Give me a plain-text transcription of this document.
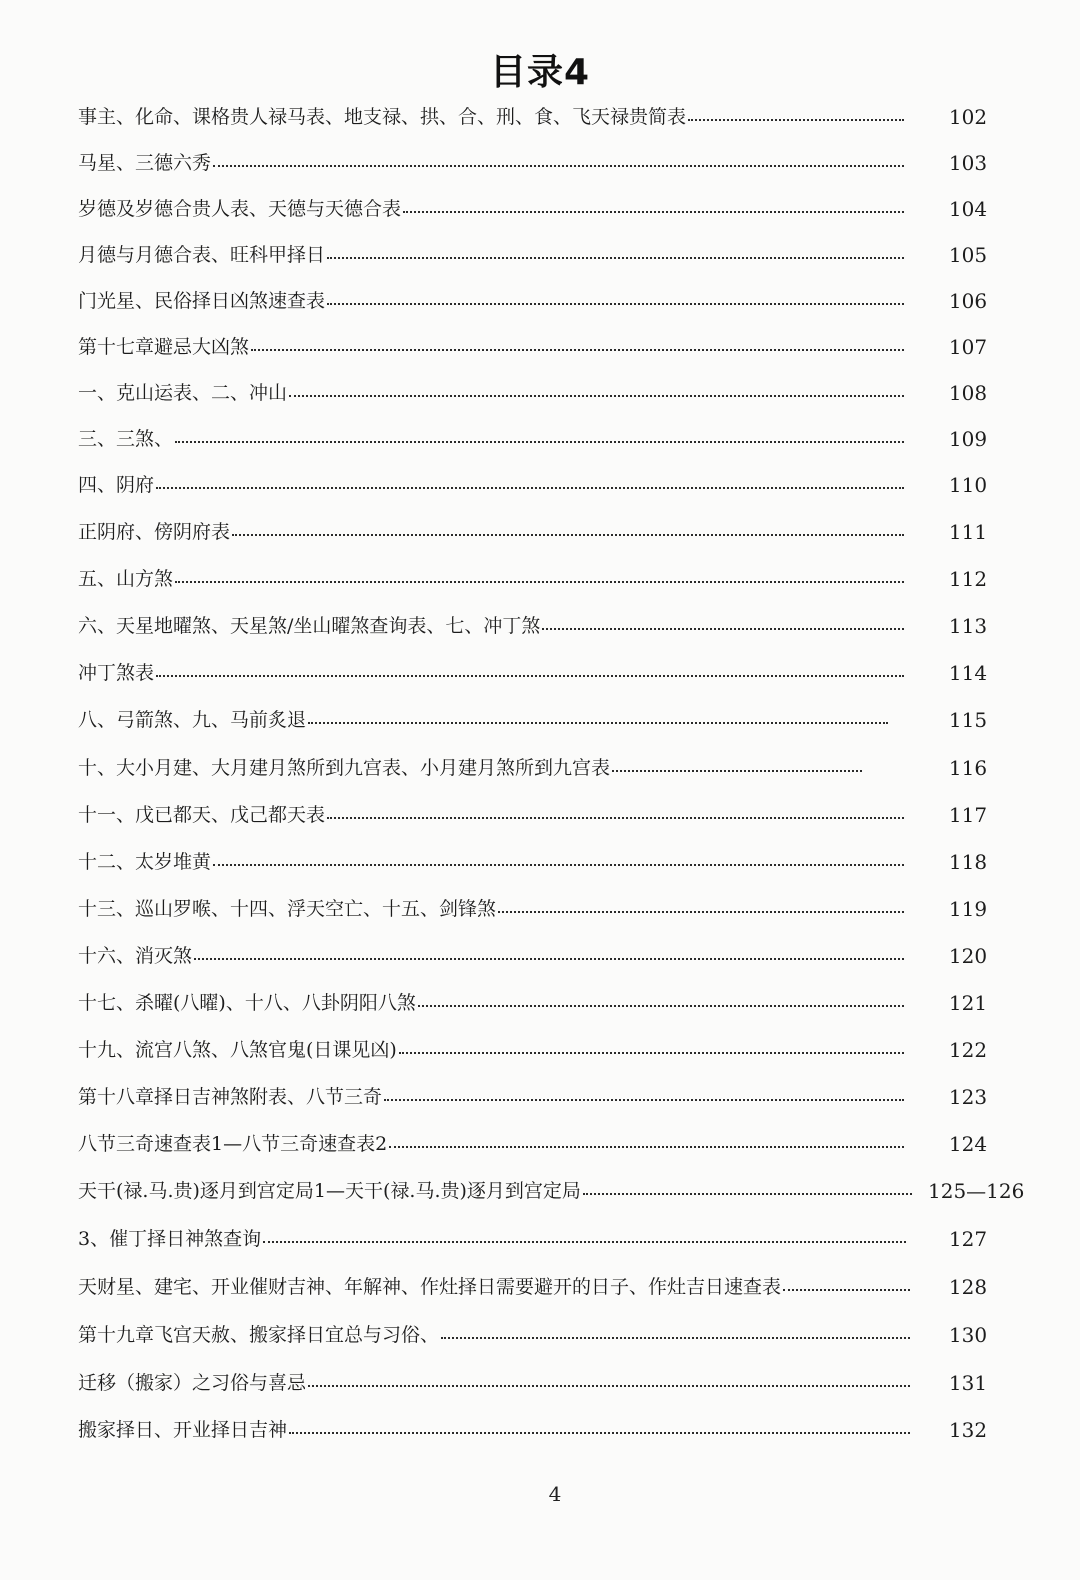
目录4
事主、化命、课格贵人禄马表、地支禄、拱、合、刑、食、飞天禄贵简表	102
马星、三德六秀	103
岁德及岁德合贵人表、天德与天德合表	104
月德与月德合表、旺科甲择日	105
门光星、民俗择日凶煞速查表	106
第十七章避忌大凶煞	107
一、克山运表、二、冲山	108
三、三煞、	109
四、阴府	110
正阴府、傍阴府表	111
五、山方煞	112
六、天星地曜煞、天星煞/坐山曜煞查询表、七、冲丁煞	113
冲丁煞表	114
八、弓箭煞、九、马前炙退	115
十、大小月建、大月建月煞所到九宫表、小月建月煞所到九宫表	116
十一、戊已都天、戊己都天表	117
十二、太岁堆黄	118
十三、巡山罗喉、十四、浮天空亡、十五、剑锋煞	119
十六、消灭煞	120
十七、杀曜(八曜)、十八、八卦阴阳八煞	121
十九、流宫八煞、八煞官鬼(日课见凶)	122
第十八章择日吉神煞附表、八节三奇	123
八节三奇速查表1—八节三奇速查表2	124
天干(禄.马.贵)逐月到宫定局1—天干(禄.马.贵)逐月到宫定局	125—126
3、催丁择日神煞查询	127
天财星、建宅、开业催财吉神、年解神、作灶择日需要避开的日子、作灶吉日速查表	128
第十九章飞宫天赦、搬家择日宜总与习俗、	130
迁移（搬家）之习俗与喜忌	131
搬家择日、开业择日吉神	132
4
